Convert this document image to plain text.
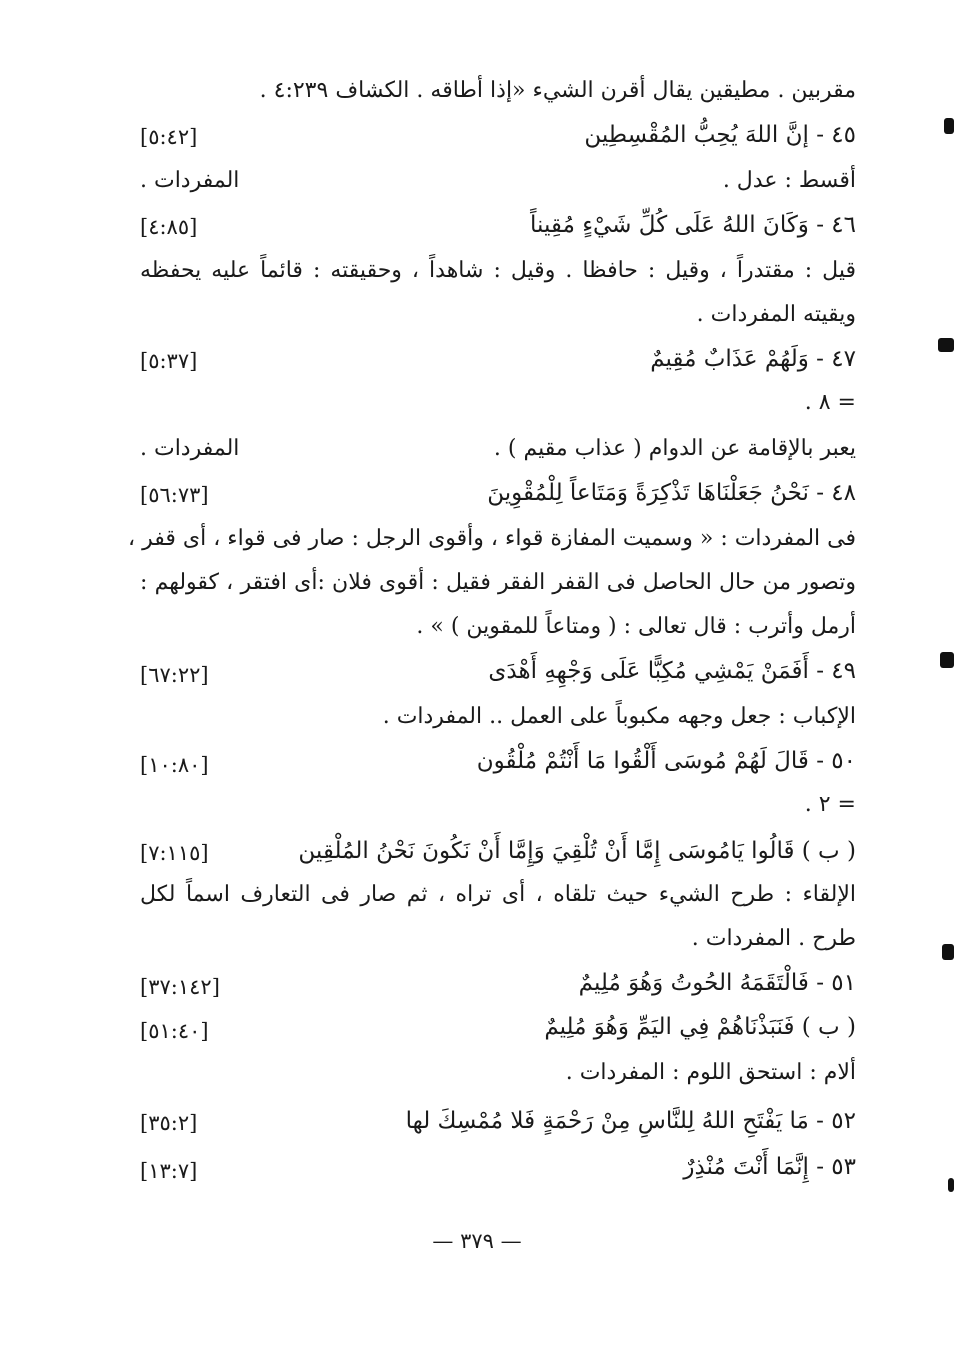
مقربين . مطيقين يقال أقرن الشيء «إذا أطاقه . الكشاف ٤:٢٣٩ .
٤٥ - إنَّ اللهَ يُحِبُّ المُقْسِطِين
[٥:٤٢]
أقسط : عدل .
المفردات .
٤٦ - وَكَانَ اللهُ عَلَى كُلِّ شَيْءٍ مُقِيناً
[٤:٨٥]
قيل : مقتدراً ، وقيل : حافظا . وقيل : شاهداً ، وحقيقته : قائماً عليه يحفظه
ويقيته المفردات .
٤٧ - وَلَهُمْ عَذَابٌ مُقِيمٌ
[٥:٣٧]
= ٨ .
يعبر بالإقامة عن الدوام ( عذاب مقيم ) .
المفردات .
٤٨ - نَحْنُ جَعَلْنَاهَا تَذْكِرَةً وَمَتَاعاً لِلْمُقْوِينَ
[٥٦:٧٣]
فى المفردات : « وسميت المفازة قواء ، وأقوى الرجل : صار فى قواء ، أى قفر ،
وتصور من حال الحاصل فى القفر الفقر فقيل : أقوى فلان :أى افتقر ، كقولهم :
أرمل وأترب : قال تعالى : ( ومتاعاً للمقوين ) » .
٤٩ - أَفَمَنْ يَمْشِي مُكِبًّا عَلَى وَجْهِهِ أَهْدَى
[٦٧:٢٢]
الإكباب : جعل وجهه مكبوباً على العمل .. المفردات .
٥٠ - قَالَ لَهُمْ مُوسَى أَلْقُوا مَا أَنْتُمْ مُلْقُون
[١٠:٨٠]
= ٢ .
( ب ) قَالُوا يَامُوسَى إِمَّا أَنْ تُلْقِيَ وَإِمَّا أَنْ نَكُونَ نَحْنُ المُلْقِين
[٧:١١٥]
الإلقاء : طرح الشيء حيث تلقاه ، أى تراه ، ثم صار فى التعارف اسماً لكل
طرح . المفردات .
٥١ - فَالْتَقَمَهُ الحُوتُ وَهُوَ مُلِيمٌ
[٣٧:١٤٢]
( ب ) فَنَبَذْنَاهُمْ فِي اليَمِّ وَهُوَ مُلِيمٌ
[٥١:٤٠]
ألام : استحق اللوم : المفردات .
٥٢ - مَا يَفْتَحِ اللهُ لِلنَّاسِ مِنْ رَحْمَةٍ فَلا مُمْسِكَ لها
[٣٥:٢]
٥٣ - إِنَّمَا أَنْتَ مُنْذِرٌ
[١٣:٧]
— ٣٧٩ —
